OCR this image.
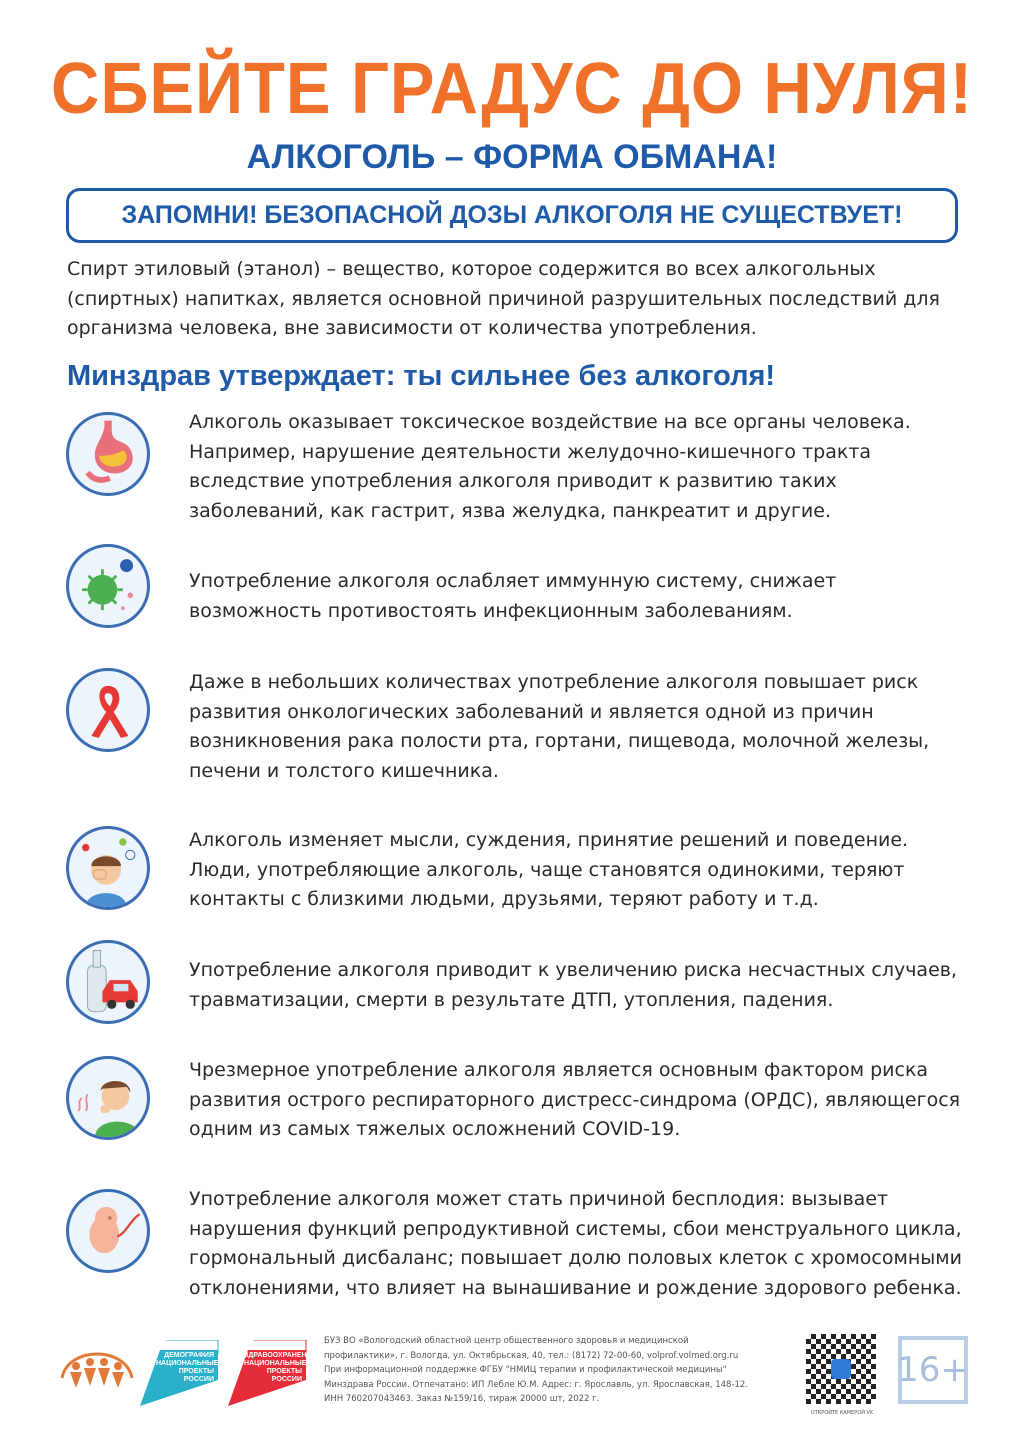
СБЕЙТЕ ГРАДУС ДО НУЛЯ!
АЛКОГОЛЬ – ФОРМА ОБМАНА!
ЗАПОМНИ! БЕЗОПАСНОЙ ДОЗЫ АЛКОГОЛЯ НЕ СУЩЕСТВУЕТ!
Спирт этиловый (этанол) – вещество, которое содержится во всех алкогольных (спиртных) напитках, является основной причиной разрушительных последствий для организма человека, вне зависимости от количества употребления.
Минздрав утверждает: ты сильнее без алкоголя!
Алкоголь оказывает токсическое воздействие на все органы человека. Например, нарушение деятельности желудочно-кишечного тракта вследствие употребления алкоголя приводит к развитию таких заболеваний, как гастрит, язва желудка, панкреатит и другие.
Употребление алкоголя ослабляет иммунную систему, снижает возможность противостоять инфекционным заболеваниям.
Даже в небольших количествах употребление алкоголя повышает риск развития онкологических заболеваний и является одной из причин возникновения рака полости рта, гортани, пищевода, молочной железы, печени и толстого кишечника.
Алкоголь изменяет мысли, суждения, принятие решений и поведение. Люди, употребляющие алкоголь, чаще становятся одинокими, теряют контакты с близкими людьми, друзьями, теряют работу и т.д.
Употребление алкоголя приводит к увеличению риска несчастных случаев, травматизации, смерти в результате ДТП, утопления, падения.
Чрезмерное употребление алкоголя является основным фактором риска развития острого респираторного дистресс-синдрома (ОРДС), являющегося одним из самых тяжелых осложнений COVID-19.
Употребление алкоголя может стать причиной бесплодия: вызывает нарушения функций репродуктивной системы, сбои менструального цикла, гормональный дисбаланс; повышает долю половых клеток с хромосомными отклонениями, что влияет на вынашивание и рождение здорового ребенка.
ДЕМОГРАФИЯ НАЦИОНАЛЬНЫЕ ПРОЕКТЫ РОССИИ
ЗДРАВООХРАНЕНИЕ НАЦИОНАЛЬНЫЕ ПРОЕКТЫ РОССИИ
БУЗ ВО «Вологодский областной центр общественного здоровья и медицинской
профилактики», г. Вологда, ул. Октябрьская, 40, тел.: (8172) 72-00-60, volprof.volmed.org.ru
При информационной поддержке ФГБУ "НМИЦ терапии и профилактической медицины"
Минздрава России. Отпечатано: ИП Лебле Ю.М. Адрес: г. Ярославль, ул. Ярославская, 148-12.
ИНН 760207043463. Заказ №159/16, тираж 20000 шт, 2022 г.
ОТКРОЙТЕ КАМЕРОЙ VK
16+
